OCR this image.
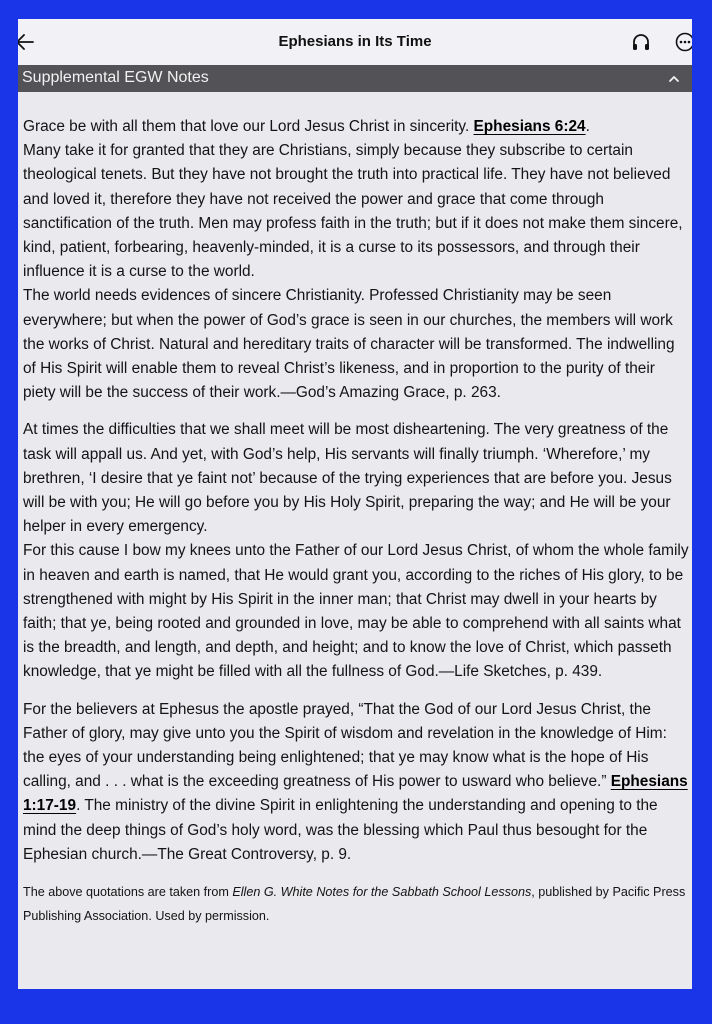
Ephesians in Its Time
Supplemental EGW Notes

Grace be with all them that love our Lord Jesus Christ in sincerity. Ephesians 6:24.

Many take it for granted that they are Christians, simply because they subscribe to certain theological tenets. But they have not brought the truth into practical life. They have not believed and loved it, therefore they have not received the power and grace that come through sanctification of the truth. Men may profess faith in the truth; but if it does not make them sincere, kind, patient, forbearing, heavenly-minded, it is a curse to its possessors, and through their influence it is a curse to the world.

The world needs evidences of sincere Christianity. Professed Christianity may be seen everywhere; but when the power of God’s grace is seen in our churches, the members will work the works of Christ. Natural and hereditary traits of character will be transformed. The indwelling of His Spirit will enable them to reveal Christ’s likeness, and in proportion to the purity of their piety will be the success of their work.—God’s Amazing Grace, p. 263.

At times the difficulties that we shall meet will be most disheartening. The very greatness of the task will appall us. And yet, with God’s help, His servants will finally triumph. ‘Wherefore,’ my brethren, ‘I desire that ye faint not’ because of the trying experiences that are before you. Jesus will be with you; He will go before you by His Holy Spirit, preparing the way; and He will be your helper in every emergency.

For this cause I bow my knees unto the Father of our Lord Jesus Christ, of whom the whole family in heaven and earth is named, that He would grant you, according to the riches of His glory, to be strengthened with might by His Spirit in the inner man; that Christ may dwell in your hearts by faith; that ye, being rooted and grounded in love, may be able to comprehend with all saints what is the breadth, and length, and depth, and height; and to know the love of Christ, which passeth knowledge, that ye might be filled with all the fullness of God.—Life Sketches, p. 439.

For the believers at Ephesus the apostle prayed, “That the God of our Lord Jesus Christ, the Father of glory, may give unto you the Spirit of wisdom and revelation in the knowledge of Him: the eyes of your understanding being enlightened; that ye may know what is the hope of His calling, and . . . what is the exceeding greatness of His power to usward who believe.” Ephesians 1:17-19. The ministry of the divine Spirit in enlightening the understanding and opening to the mind the deep things of God’s holy word, was the blessing which Paul thus besought for the Ephesian church.—The Great Controversy, p. 9.

The above quotations are taken from Ellen G. White Notes for the Sabbath School Lessons, published by Pacific Press Publishing Association. Used by permission.
